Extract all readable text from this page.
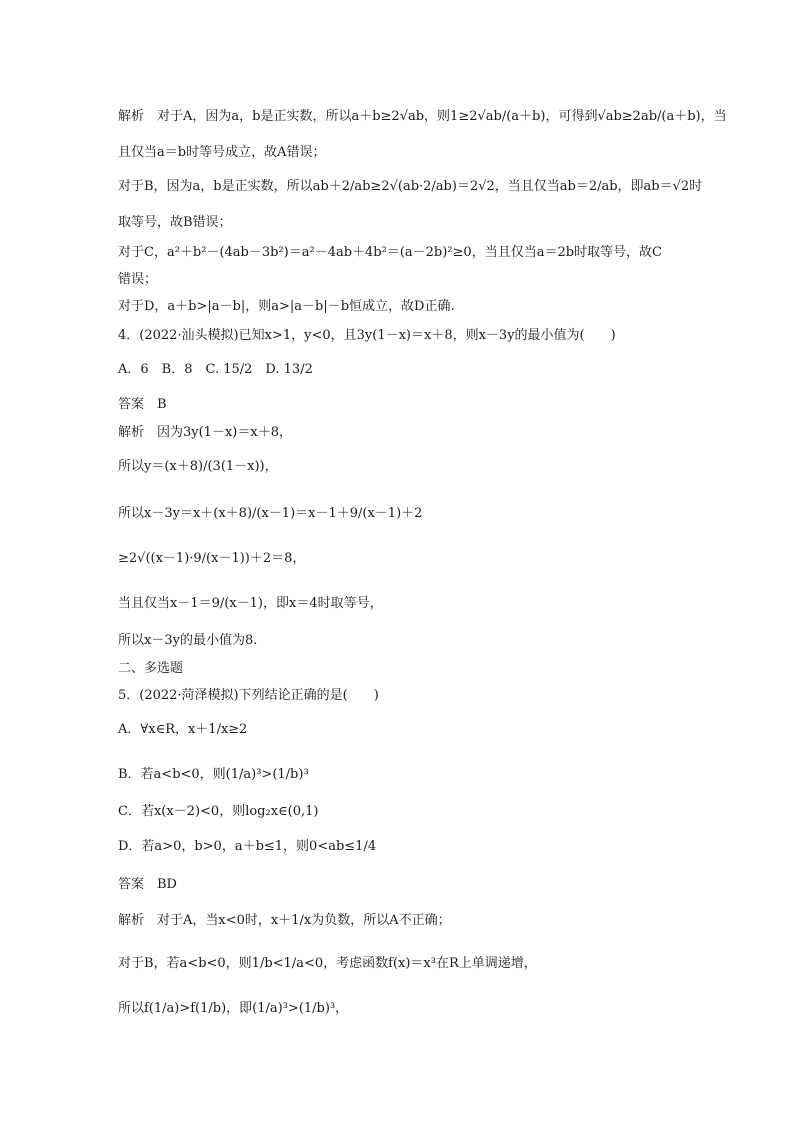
解析　对于A，因为a，b是正实数，所以a＋b≥2√ab，则1≥2√ab/(a＋b)，可得到√ab≥2ab/(a＋b)，当
且仅当a＝b时等号成立，故A错误；
对于B，因为a，b是正实数，所以ab＋2/ab≥2√(ab·2/ab)＝2√2，当且仅当ab＝2/ab，即ab＝√2时
取等号，故B错误；
对于C，a²＋b²－(4ab－3b²)＝a²－4ab＋4b²＝(a－2b)²≥0，当且仅当a＝2b时取等号，故C
错误；
对于D，a＋b>|a－b|，则a>|a－b|－b恒成立，故D正确.
4．(2022·汕头模拟)已知x>1，y<0，且3y(1－x)＝x＋8，则x－3y的最小值为(　　)
A．6　B．8　C. 15/2　D. 13/2
答案　B
解析　因为3y(1－x)＝x＋8，
所以y＝(x＋8)/(3(1－x))，
所以x－3y＝x＋(x＋8)/(x－1)＝x－1＋9/(x－1)＋2
≥2√((x－1)·9/(x－1))＋2＝8，
当且仅当x－1＝9/(x－1)，即x＝4时取等号，
所以x－3y的最小值为8.
二、多选题
5．(2022·菏泽模拟)下列结论正确的是(　　)
A．∀x∈R，x＋1/x≥2
B．若a<b<0，则(1/a)³>(1/b)³
C．若x(x－2)<0，则log₂x∈(0,1)
D．若a>0，b>0，a＋b≤1，则0<ab≤1/4
答案　BD
解析　对于A，当x<0时，x＋1/x为负数，所以A不正确；
对于B，若a<b<0，则1/b<1/a<0，考虑函数f(x)＝x³在R上单调递增，
所以f(1/a)>f(1/b)，即(1/a)³>(1/b)³，
